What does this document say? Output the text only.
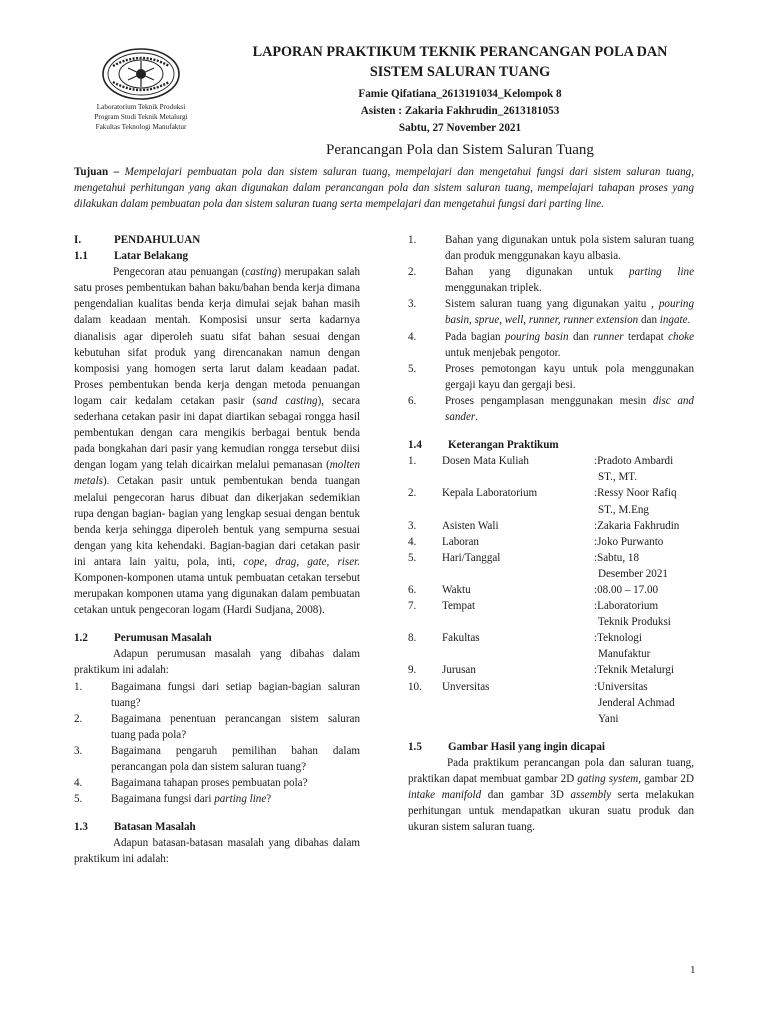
Laboratorium Teknik Produksi
Program Studi Teknik Metalurgi
Fakultas Teknologi Manufaktur
LAPORAN PRAKTIKUM TEKNIK PERANCANGAN POLA DAN
SISTEM SALURAN TUANG
Famie Qifatiana_2613191034_Kelompok 8
Asisten : Zakaria Fakhrudin_2613181053
Sabtu, 27 November 2021
Perancangan Pola dan Sistem Saluran Tuang
Tujuan – Mempelajari pembuatan pola dan sistem saluran tuang, mempelajari dan mengetahui fungsi dari sistem saluran tuang, mengetahui perhitungan yang akan digunakan dalam perancangan pola dan sistem saluran tuang, mempelajari tahapan proses yang dilakukan dalam pembuatan pola dan sistem saluran tuang serta mempelajari dan mengetahui fungsi dari parting line.
I.	PENDAHULUAN
1.1	Latar Belakang

Pengecoran atau penuangan (casting) merupakan salah satu proses pembentukan bahan baku/bahan benda kerja dimana pengendalian kualitas benda kerja dimulai sejak bahan masih dalam keadaan mentah. Komposisi unsur serta kadarnya dianalisis agar diperoleh suatu sifat bahan sesuai dengan kebutuhan sifat produk yang direncanakan namun dengan komposisi yang homogen serta larut dalam keadaan padat. Proses pembentukan benda kerja dengan metoda penuangan logam cair kedalam cetakan pasir (sand casting), secara sederhana cetakan pasir ini dapat diartikan sebagai rongga hasil pembentukan dengan cara mengikis berbagai bentuk benda pada bongkahan dari pasir yang kemudian rongga tersebut diisi dengan logam yang telah dicairkan melalui pemanasan (molten metals). Cetakan pasir untuk pembentukan benda tuangan melalui pengecoran harus dibuat dan dikerjakan sedemikian rupa dengan bagian- bagian yang lengkap sesuai dengan bentuk benda kerja sehingga diperoleh bentuk yang sempurna sesuai dengan yang kita kehendaki. Bagian-bagian dari cetakan pasir ini antara lain yaitu, pola, inti, cope, drag, gate, riser. Komponen-komponen utama untuk pembuatan cetakan tersebut merupakan komponen utama yang digunakan dalam pembuatan cetakan untuk pengecoran logam (Hardi Sudjana, 2008).

1.2	Perumusan Masalah

Adapun perumusan masalah yang dibahas dalam praktikum ini adalah:

1.	Bagaimana fungsi dari setiap bagian-bagian saluran tuang?
2.	Bagaimana penentuan perancangan sistem saluran tuang pada pola?
3.	Bagaimana pengaruh pemilihan bahan dalam perancangan pola dan sistem saluran tuang?
4.	Bagaimana tahapan proses pembuatan pola?
5.	Bagaimana fungsi dari parting line?
1.3	Batasan Masalah

Adapun batasan-batasan masalah yang dibahas dalam praktikum ini adalah:

1.	Bahan yang digunakan untuk pola sistem saluran tuang dan produk menggunakan kayu albasia.
2.	Bahan yang digunakan untuk parting line menggunakan triplek.
3.	Sistem saluran tuang yang digunakan yaitu , pouring basin, sprue, well, runner, runner extension dan ingate.
4.	Pada bagian pouring basin dan runner terdapat choke untuk menjebak pengotor.
5.	Proses pemotongan kayu untuk pola menggunakan gergaji kayu dan gergaji besi.
6.	Proses pengamplasan menggunakan mesin disc and sander.
1.4	Keterangan Praktikum
1.	Dosen Mata Kuliah	:Pradoto Ambardi
ST., MT.
2.	Kepala Laboratorium	:Ressy Noor Rafiq
ST., M.Eng
3.	Asisten Wali	:Zakaria Fakhrudin
4.	Laboran	:Joko Purwanto
5.	Hari/Tanggal	:Sabtu, 18
Desember 2021
6.	Waktu	:08.00 – 17.00
7.	Tempat	:Laboratorium
Teknik Produksi
8.	Fakultas	:Teknologi
Manufaktur
9.	Jurusan	:Teknik Metalurgi
10.	Unversitas	:Universitas
Jenderal Achmad Yani
1.5	Gambar Hasil yang ingin dicapai

Pada praktikum perancangan pola dan saluran tuang, praktikan dapat membuat gambar 2D gating system, gambar 2D intake manifold dan gambar 3D assembly serta melakukan perhitungan untuk mendapatkan ukuran suatu produk dan ukuran sistem saluran tuang.

1
